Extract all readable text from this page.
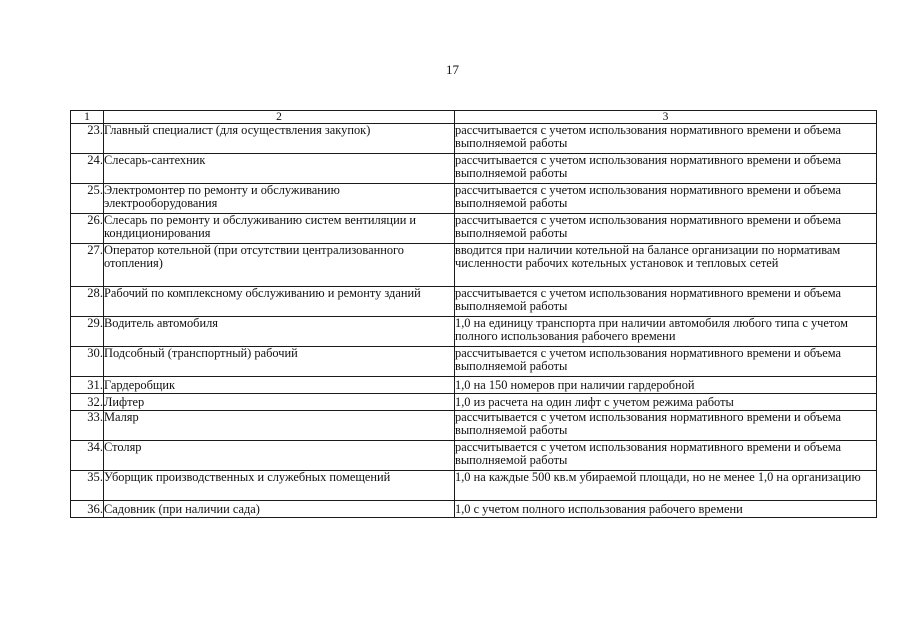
17
1	2	3
23.	Главный специалист (для осуществления закупок)	рассчитывается с учетом использования нормативного времени и объема выполняемой работы
24.	Слесарь-сантехник	рассчитывается с учетом использования нормативного времени и объема выполняемой работы
25.	Электромонтер по ремонту и обслуживанию электрооборудования	рассчитывается с учетом использования нормативного времени и объема выполняемой работы
26.	Слесарь по ремонту и обслуживанию систем вентиляции и кондиционирования	рассчитывается с учетом использования нормативного времени и объема выполняемой работы
27.	Оператор котельной (при отсутствии централизованного отопления)	вводится при наличии котельной на балансе организации по нормативам численности рабочих котельных установок и тепловых сетей
28.	Рабочий по комплексному обслуживанию и ремонту зданий	рассчитывается с учетом использования нормативного времени и объема выполняемой работы
29.	Водитель автомобиля	1,0 на единицу транспорта при наличии автомобиля любого типа с учетом полного использования рабочего времени
30.	Подсобный (транспортный) рабочий	рассчитывается с учетом использования нормативного времени и объема выполняемой работы
31.	Гардеробщик	1,0 на 150 номеров при наличии гардеробной
32.	Лифтер	1,0 из расчета на один лифт с учетом режима работы
33.	Маляр	рассчитывается с учетом использования нормативного времени и объема выполняемой работы
34.	Столяр	рассчитывается с учетом использования нормативного времени и объема выполняемой работы
35.	Уборщик производственных и служебных помещений	1,0 на каждые 500 кв.м убираемой площади, но не менее 1,0 на организацию
36.	Садовник (при наличии сада)	1,0 с учетом полного использования рабочего времени
